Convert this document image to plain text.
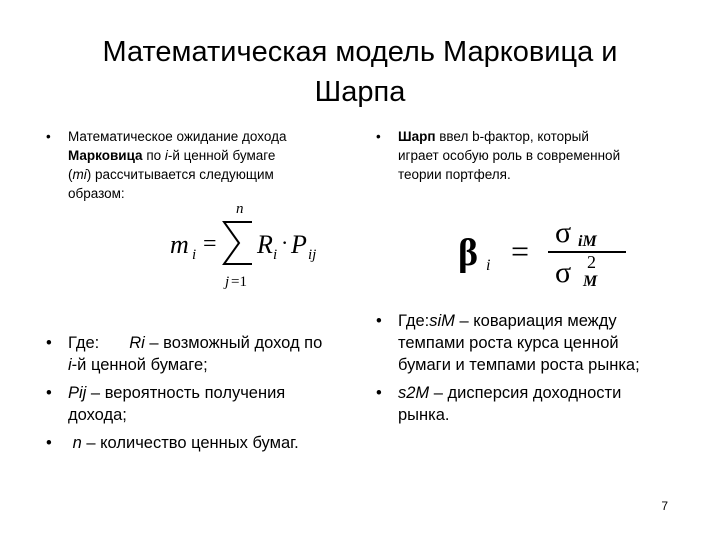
Математическая модель Марковица и
Шарпа
• Математическое ожидание дохода
Марковица по i-й ценной бумаге
(mi) рассчитывается следующим
образом:
m i =
n
j =1
R i · P ij
• Где: Ri – возможный доход по
i-й ценной бумаге;
• Pij – вероятность получения
дохода;
• n – количество ценных бумаг.
• Шарп ввел b-фактор, который
играет особую роль в современной
теории портфеля.
β i =
σ iM
σ 2
M
• Где:siM – ковариация между
темпами роста курса ценной
бумаги и темпами роста рынка;
• s2M – дисперсия доходности
рынка.
7
